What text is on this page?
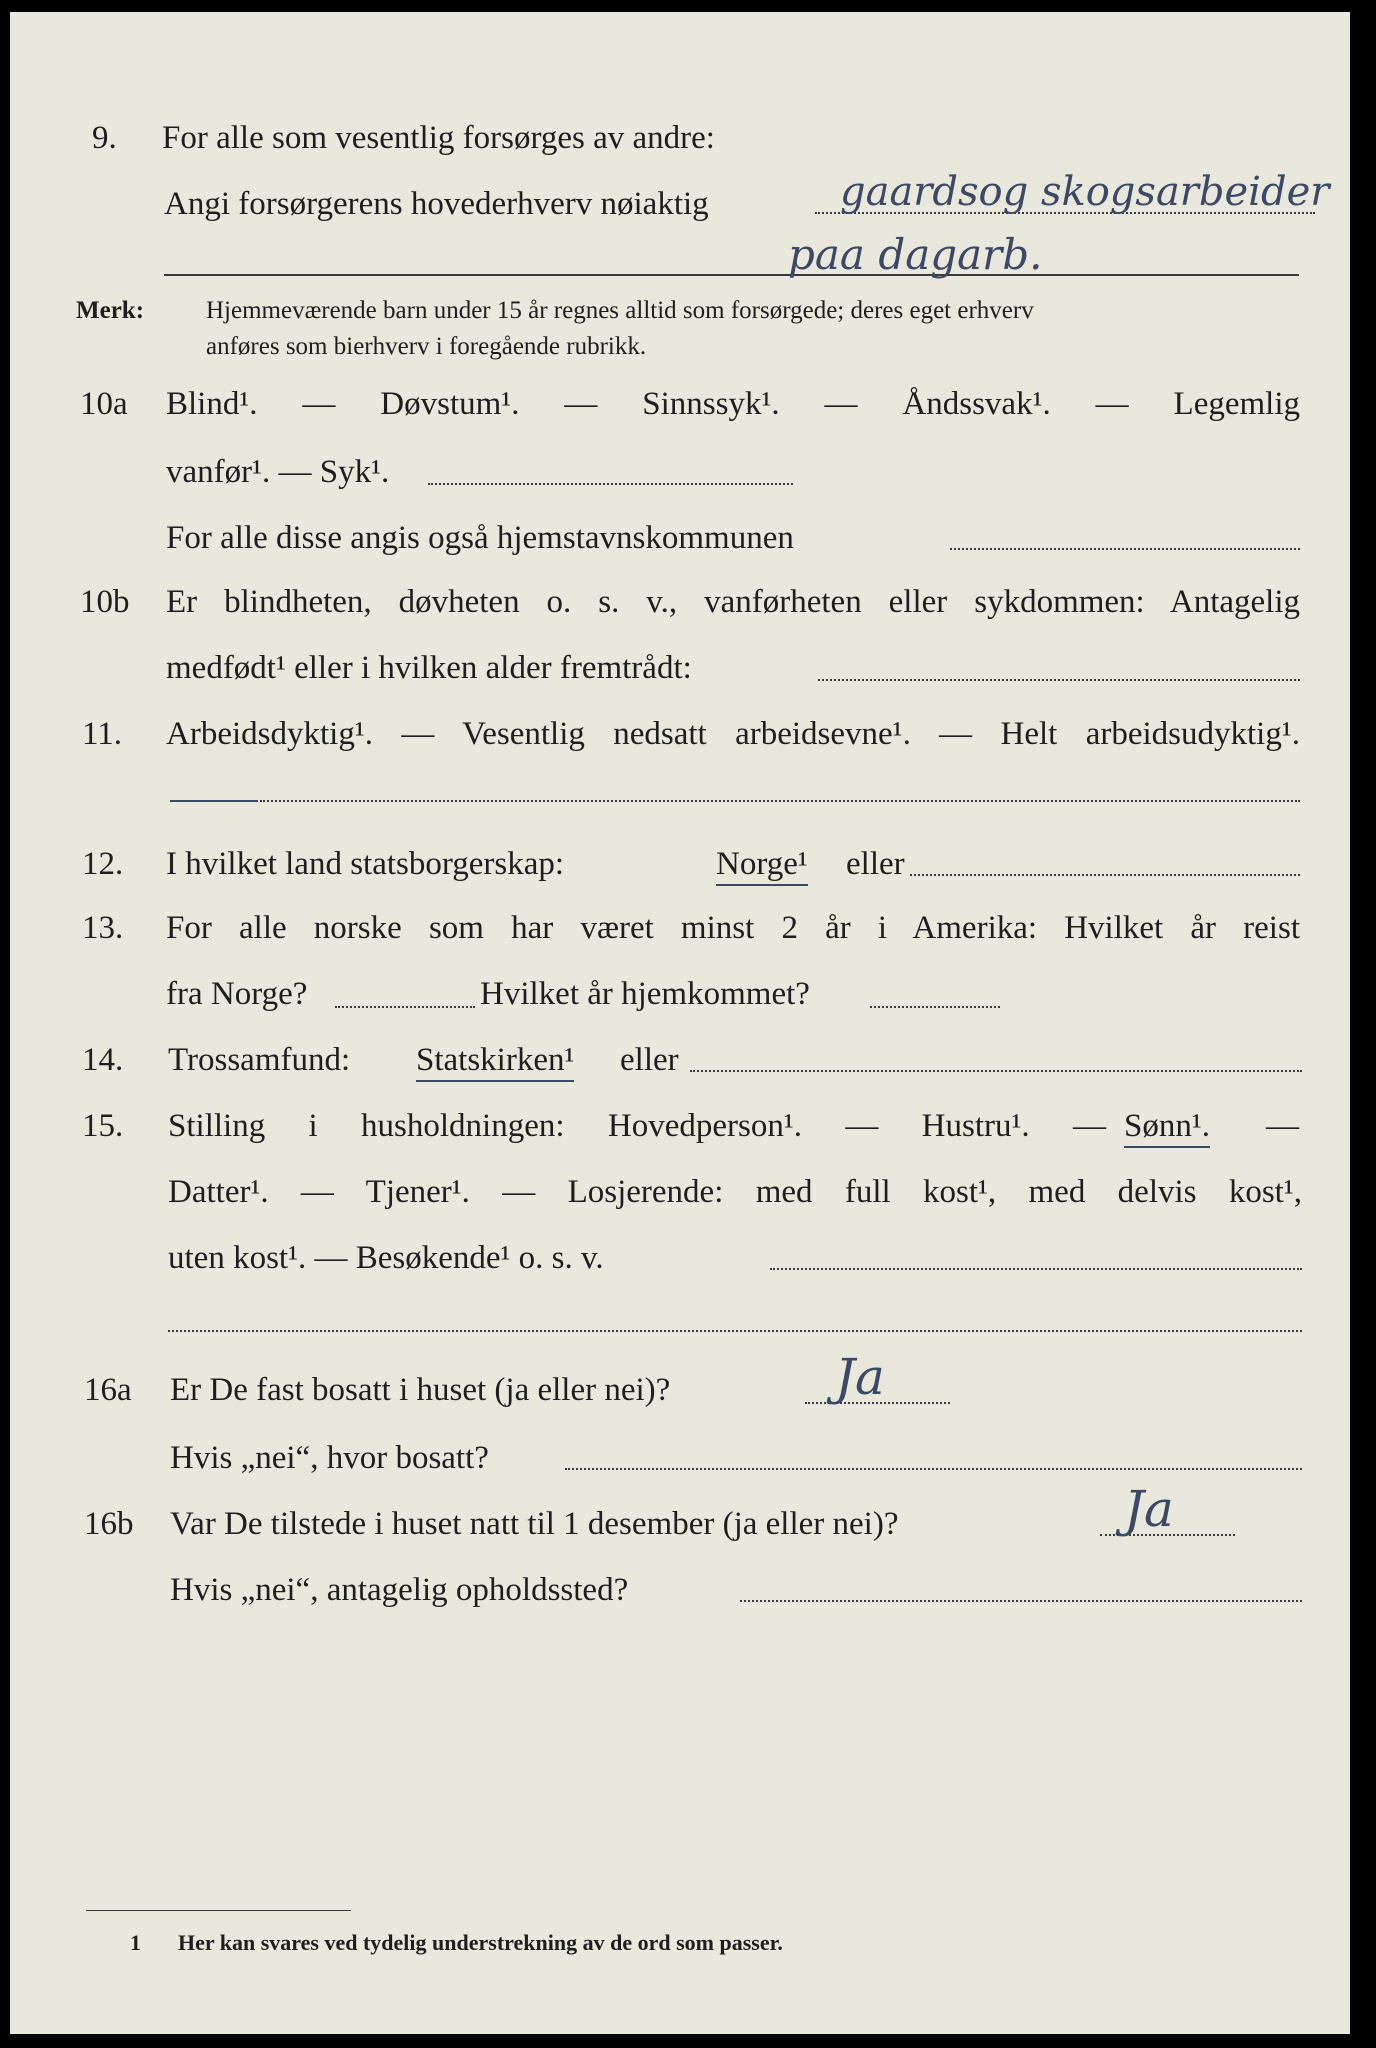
9.	For alle som vesentlig forsørges av andre:
Angi forsørgerens hovederhverv nøiaktig	gaardsog skogsarbeider
paa dagarb.
Merk:	Hjemmeværende barn under 15 år regnes alltid som forsørgede; deres eget erhverv
anføres som bierhverv i foregående rubrikk.
10a	Blind¹. — Døvstum¹. — Sinnssyk¹. — Åndssvak¹. — Legemlig
vanfør¹. — Syk¹.
For alle disse angis også hjemstavnskommunen
10b	Er blindheten, døvheten o. s. v., vanførheten eller sykdommen: Antagelig
medfødt¹ eller i hvilken alder fremtrådt:
11.	Arbeidsdyktig¹. — Vesentlig nedsatt arbeidsevne¹. — Helt arbeidsudyktig¹.
12.	I hvilket land statsborgerskap:	Norge¹ eller
13.	For alle norske som har været minst 2 år i Amerika: Hvilket år reist
fra Norge?	Hvilket år hjemkommet?
14.	Trossamfund: Statskirken¹ eller
15.	Stilling i husholdningen: Hovedperson¹. — Hustru¹. — Sønn¹. —
Datter¹. — Tjener¹. — Losjerende: med full kost¹, med delvis kost¹,
uten kost¹. — Besøkende¹ o. s. v.
16a	Er De fast bosatt i huset (ja eller nei)?	Ja
Hvis „nei“, hvor bosatt?
16b	Var De tilstede i huset natt til 1 desember (ja eller nei)?	Ja
Hvis „nei“, antagelig opholdssted?
1	Her kan svares ved tydelig understrekning av de ord som passer.
